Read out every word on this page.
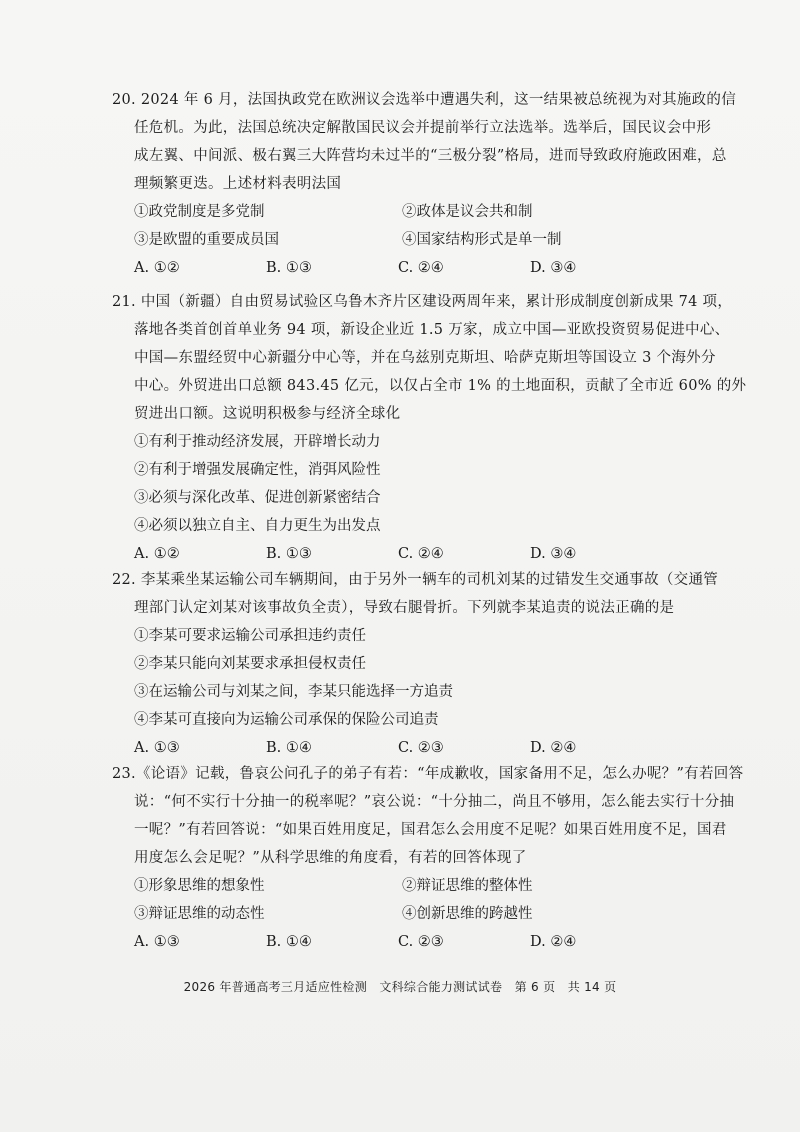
20. 2024 年 6 月，法国执政党在欧洲议会选举中遭遇失利，这一结果被总统视为对其施政的信
任危机。为此，法国总统决定解散国民议会并提前举行立法选举。选举后，国民议会中形
成左翼、中间派、极右翼三大阵营均未过半的“三极分裂”格局，进而导致政府施政困难，总
理频繁更迭。上述材料表明法国
①政党制度是多党制	②政体是议会共和制
③是欧盟的重要成员国	④国家结构形式是单一制
A. ①②	B. ①③	C. ②④	D. ③④
21. 中国（新疆）自由贸易试验区乌鲁木齐片区建设两周年来，累计形成制度创新成果 74 项，
落地各类首创首单业务 94 项，新设企业近 1.5 万家，成立中国—亚欧投资贸易促进中心、
中国—东盟经贸中心新疆分中心等，并在乌兹别克斯坦、哈萨克斯坦等国设立 3 个海外分
中心。外贸进出口总额 843.45 亿元，以仅占全市 1% 的土地面积，贡献了全市近 60% 的外
贸进出口额。这说明积极参与经济全球化
①有利于推动经济发展，开辟增长动力
②有利于增强发展确定性，消弭风险性
③必须与深化改革、促进创新紧密结合
④必须以独立自主、自力更生为出发点
A. ①②	B. ①③	C. ②④	D. ③④
22. 李某乘坐某运输公司车辆期间，由于另外一辆车的司机刘某的过错发生交通事故（交通管
理部门认定刘某对该事故负全责），导致右腿骨折。下列就李某追责的说法正确的是
①李某可要求运输公司承担违约责任
②李某只能向刘某要求承担侵权责任
③在运输公司与刘某之间，李某只能选择一方追责
④李某可直接向为运输公司承保的保险公司追责
A. ①③	B. ①④	C. ②③	D. ②④
23.《论语》记载，鲁哀公问孔子的弟子有若：“年成歉收，国家备用不足，怎么办呢？”有若回答
说：“何不实行十分抽一的税率呢？”哀公说：“十分抽二，尚且不够用，怎么能去实行十分抽
一呢？”有若回答说：“如果百姓用度足，国君怎么会用度不足呢？如果百姓用度不足，国君
用度怎么会足呢？”从科学思维的角度看，有若的回答体现了
①形象思维的想象性	②辩证思维的整体性
③辩证思维的动态性	④创新思维的跨越性
A. ①③	B. ①④	C. ②③	D. ②④
2026 年普通高考三月适应性检测　文科综合能力测试试卷　第 6 页　共 14 页
